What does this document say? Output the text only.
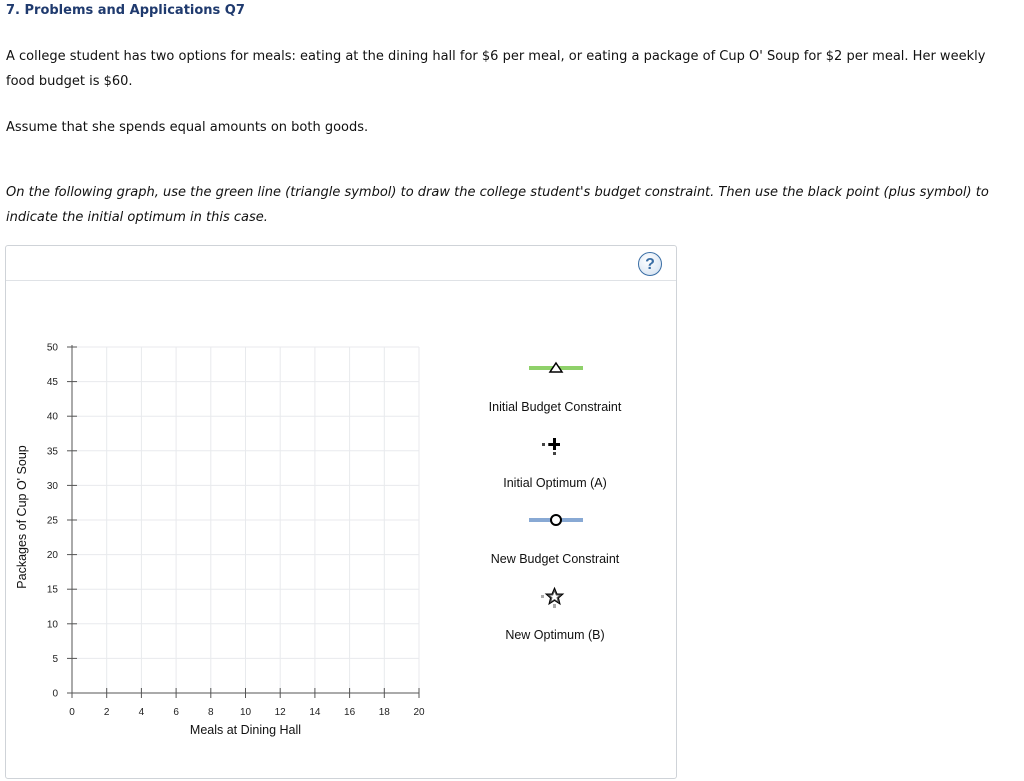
7. Problems and Applications Q7
A college student has two options for meals: eating at the dining hall for $6 per meal, or eating a package of Cup O' Soup for $2 per meal. Her weekly food budget is $60.
Assume that she spends equal amounts on both goods.
On the following graph, use the green line (triangle symbol) to draw the college student's budget constraint. Then use the black point (plus symbol) to indicate the initial optimum in this case.
?
0	2	4	6	8	10 12 14 16 18 20
0
5
10
15
20
25
30
35
40
45
50
Meals at Dining Hall
Packages of Cup O' Soup
Initial Budget Constraint
Initial Optimum (A)
New Budget Constraint
New Optimum (B)
